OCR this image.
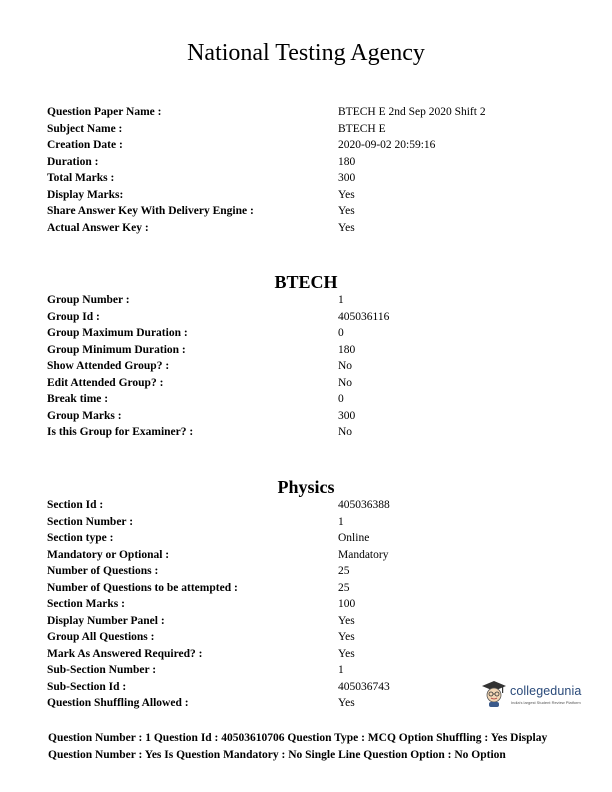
National Testing Agency
Question Paper Name :	BTECH E 2nd Sep 2020 Shift 2
Subject Name :	BTECH E
Creation Date :	2020-09-02 20:59:16
Duration :	180
Total Marks :	300
Display Marks:	Yes
Share Answer Key With Delivery Engine :	Yes
Actual Answer Key :	Yes
BTECH
Group Number :	1
Group Id :	405036116
Group Maximum Duration :	0
Group Minimum Duration :	180
Show Attended Group? :	No
Edit Attended Group? :	No
Break time :	0
Group Marks :	300
Is this Group for Examiner? :	No
Physics
Section Id :	405036388
Section Number :	1
Section type :	Online
Mandatory or Optional :	Mandatory
Number of Questions :	25
Number of Questions to be attempted :	25
Section Marks :	100
Display Number Panel :	Yes
Group All Questions :	Yes
Mark As Answered Required? :	Yes
Sub-Section Number :	1
Sub-Section Id :	405036743
Question Shuffling Allowed :	Yes
collegedunia
India's largest Student Review Platform
Question Number : 1 Question Id : 40503610706 Question Type : MCQ Option Shuffling : Yes Display
Question Number : Yes Is Question Mandatory : No Single Line Question Option : No Option
